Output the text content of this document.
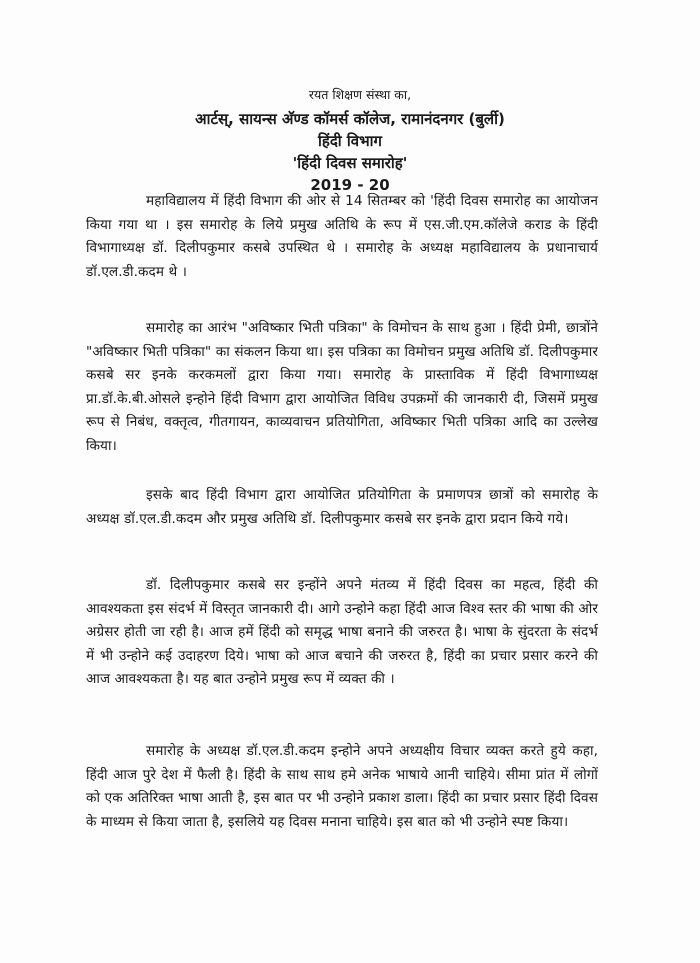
रयत शिक्षण संस्था का,
आर्टस्, सायन्स अ‍ॅण्ड कॉमर्स कॉलेज, रामानंदनगर (बुर्ली)
हिंदी विभाग
'हिंदी दिवस समारोह'
2019 - 20

महाविद्यालय में हिंदी विभाग की ओर से 14 सितम्बर को 'हिंदी दिवस समारोह का आयोजन किया गया था । इस समारोह के लिये प्रमुख अतिथि के रूप में एस.जी.एम.कॉलेजे कराड के हिंदी विभागाध्यक्ष डॉ. दिलीपकुमार कसबे उपस्थित थे । समारोह के अध्यक्ष महाविद्यालय के प्रधानाचार्य डॉ.एल.डी.कदम थे ।

समारोह का आरंभ "अविष्कार भिती पत्रिका" के विमोचन के साथ हुआ । हिंदी प्रेमी, छात्रोंने "अविष्कार भिती पत्रिका" का संकलन किया था। इस पत्रिका का विमोचन प्रमुख अतिथि डॉ. दिलीपकुमार कसबे सर इनके करकमलों द्वारा किया गया। समारोह के प्रास्ताविक में हिंदी विभागाध्यक्ष प्रा.डॉ.के.बी.ओसले इन्होने हिंदी विभाग द्वारा आयोजित विविध उपक्रमों की जानकारी दी, जिसमें प्रमुख रूप से निबंध, वक्तृत्व, गीतगायन, काव्यवाचन प्रतियोगिता, अविष्कार भिती पत्रिका आदि का उल्लेख किया।

इसके बाद हिंदी विभाग द्वारा आयोजित प्रतियोगिता के प्रमाणपत्र छात्रों को समारोह के अध्यक्ष डॉ.एल.डी.कदम और प्रमुख अतिथि डॉ. दिलीपकुमार कसबे सर इनके द्वारा प्रदान किये गये।

डॉ. दिलीपकुमार कसबे सर इन्होंने अपने मंतव्य में हिंदी दिवस का महत्व, हिंदी की आवश्यकता इस संदर्भ में विस्तृत जानकारी दी। आगे उन्होने कहा हिंदी आज विश्व स्तर की भाषा की ओर अग्रेसर होती जा रही है। आज हमें हिंदी को समृद्ध भाषा बनाने की जरुरत है। भाषा के सुंदरता के संदर्भ में भी उन्होने कई उदाहरण दिये। भाषा को आज बचाने की जरुरत है, हिंदी का प्रचार प्रसार करने की आज आवश्यकता है। यह बात उन्होने प्रमुख रूप में व्यक्त की ।

समारोह के अध्यक्ष डॉ.एल.डी.कदम इन्होने अपने अध्यक्षीय विचार व्यक्त करते हुये कहा, हिंदी आज पुरे देश में फैली है। हिंदी के साथ साथ हमे अनेक भाषाये आनी चाहिये। सीमा प्रांत में लोगों को एक अतिरिक्त भाषा आती है, इस बात पर भी उन्होने प्रकाश डाला। हिंदी का प्रचार प्रसार हिंदी दिवस के माध्यम से किया जाता है, इसलिये यह दिवस मनाना चाहिये। इस बात को भी उन्होने स्पष्ट किया।
